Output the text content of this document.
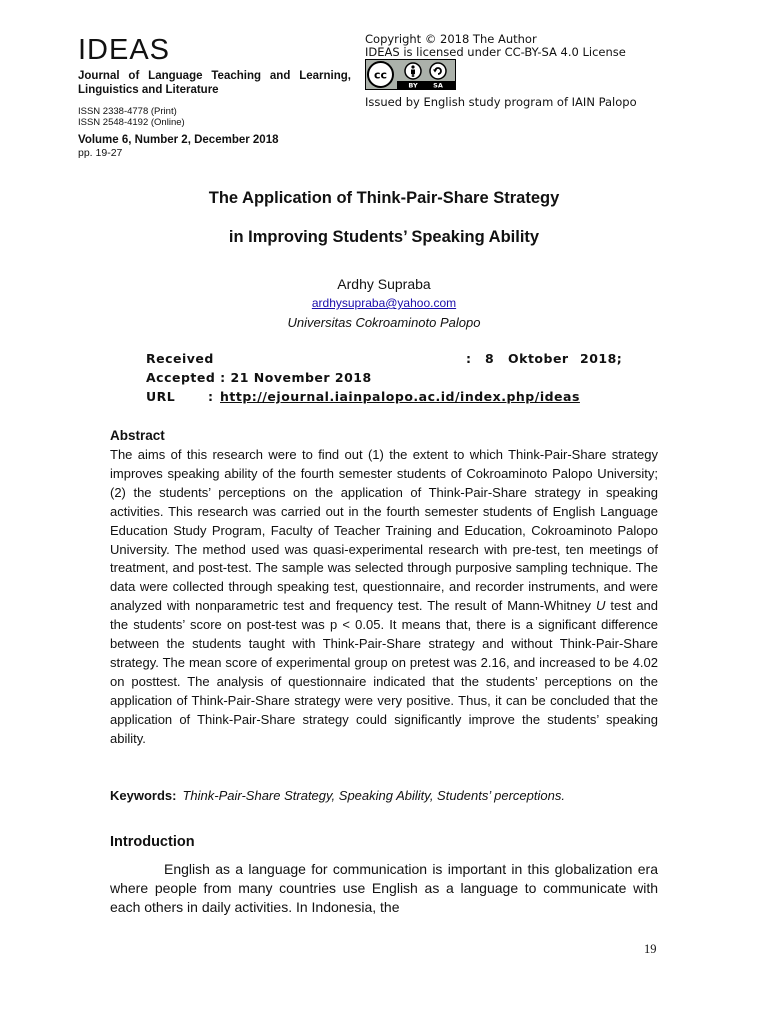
IDEAS
Journal of Language Teaching and Learning,
Linguistics and Literature
ISSN 2338-4778 (Print)
ISSN 2548-4192 (Online)
Volume 6, Number 2, December 2018
pp. 19-27
Copyright © 2018 The Author
IDEAS is licensed under CC-BY-SA 4.0 License
cc
BY SA
Issued by English study program of IAIN Palopo
The Application of Think-Pair-Share Strategy
in Improving Students’ Speaking Ability
Ardhy Supraba
ardhysupraba@yahoo.com
Universitas Cokroaminoto Palopo
Received	: 8 Oktober 2018;
Accepted : 21 November 2018
URL	: http://ejournal.iainpalopo.ac.id/index.php/ideas
Abstract
The aims of this research were to find out (1) the extent to which Think-Pair-Share strategy improves speaking ability of the fourth semester students of Cokroaminoto Palopo University; (2) the students’ perceptions on the application of Think-Pair-Share strategy in speaking activities. This research was carried out in the fourth semester students of English Language Education Study Program, Faculty of Teacher Training and Education, Cokroaminoto Palopo University. The method used was quasi-experimental research with pre-test, ten meetings of treatment, and post-test. The sample was selected through purposive sampling technique. The data were collected through speaking test, questionnaire, and recorder instruments, and were analyzed with nonparametric test and frequency test. The result of Mann-Whitney U test and the students’ score on post-test was p < 0.05. It means that, there is a significant difference between the students taught with Think-Pair-Share strategy and without Think-Pair-Share strategy. The mean score of experimental group on pretest was 2.16, and increased to be 4.02 on posttest. The analysis of questionnaire indicated that the students’ perceptions on the application of Think-Pair-Share strategy were very positive. Thus, it can be concluded that the application of Think-Pair-Share strategy could significantly improve the students’ speaking ability.
Keywords: Think-Pair-Share Strategy, Speaking Ability, Students’ perceptions.
Introduction
English as a language for communication is important in this globalization era where people from many countries use English as a language to communicate with each others in daily activities. In Indonesia, the
19
